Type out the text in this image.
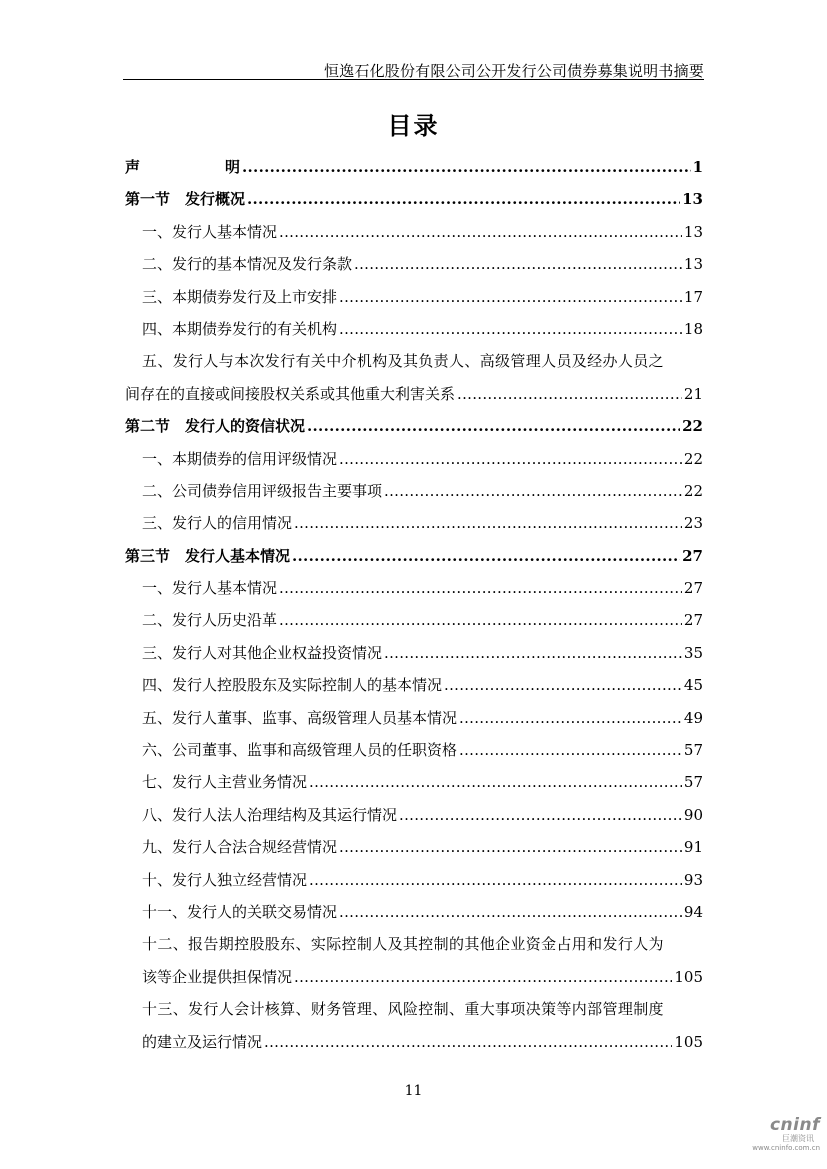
恒逸石化股份有限公司公开发行公司债券募集说明书摘要
目录
声	明 .....	1
第一节　发行概况 .....	13
一、发行人基本情况 .....	13
二、发行的基本情况及发行条款 .....	13
三、本期债券发行及上市安排 .....	17
四、本期债券发行的有关机构 .....	18
五、发行人与本次发行有关中介机构及其负责人、高级管理人员及经办人员之
间存在的直接或间接股权关系或其他重大利害关系 .....	21
第二节　发行人的资信状况 .....	22
一、本期债券的信用评级情况 .....	22
二、公司债券信用评级报告主要事项 .....	22
三、发行人的信用情况 .....	23
第三节　发行人基本情况 .....	27
一、发行人基本情况 .....	27
二、发行人历史沿革 .....	27
三、发行人对其他企业权益投资情况 .....	35
四、发行人控股股东及实际控制人的基本情况 .....	45
五、发行人董事、监事、高级管理人员基本情况 .....	49
六、公司董事、监事和高级管理人员的任职资格 .....	57
七、发行人主营业务情况 .....	57
八、发行人法人治理结构及其运行情况 .....	90
九、发行人合法合规经营情况 .....	91
十、发行人独立经营情况 .....	93
十一、发行人的关联交易情况 .....	94
十二、报告期控股股东、实际控制人及其控制的其他企业资金占用和发行人为
该等企业提供担保情况 .....	105
十三、发行人会计核算、财务管理、风险控制、重大事项决策等内部管理制度
的建立及运行情况 .....	105
11
cninf
巨潮资讯
www.cninfo.com.cn
